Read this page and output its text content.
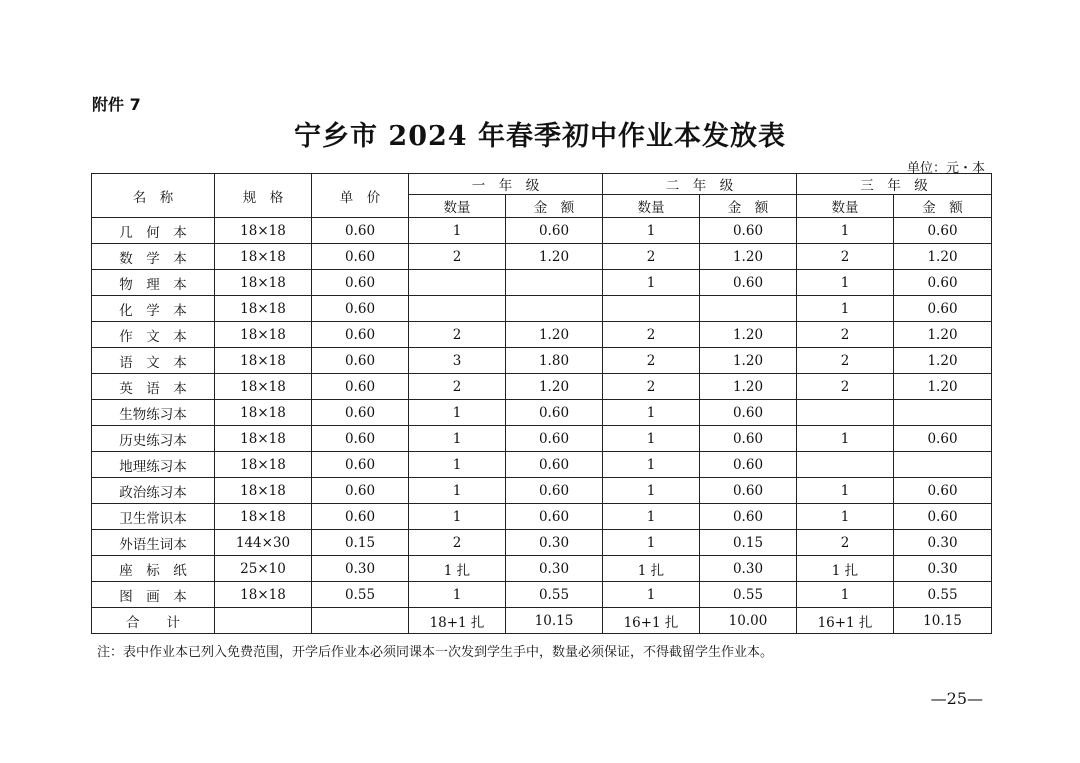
附件 7
宁乡市 2024 年春季初中作业本发放表
单位：元・本
名　称	规　格	单　价	一　年　级		二　年　级		三　年　级	
			数量	金　额	数量	金　额	数量	金　额
几　何　本	18×18	0.60	1	0.60	1	0.60	1	0.60
数　学　本	18×18	0.60	2	1.20	2	1.20	2	1.20
物　理　本	18×18	0.60			1	0.60	1	0.60
化　学　本	18×18	0.60					1	0.60
作　文　本	18×18	0.60	2	1.20	2	1.20	2	1.20
语　文　本	18×18	0.60	3	1.80	2	1.20	2	1.20
英　语　本	18×18	0.60	2	1.20	2	1.20	2	1.20
生物练习本	18×18	0.60	1	0.60	1	0.60		
历史练习本	18×18	0.60	1	0.60	1	0.60	1	0.60
地理练习本	18×18	0.60	1	0.60	1	0.60		
政治练习本	18×18	0.60	1	0.60	1	0.60	1	0.60
卫生常识本	18×18	0.60	1	0.60	1	0.60	1	0.60
外语生词本	144×30	0.15	2	0.30	1	0.15	2	0.30
座　标　纸	25×10	0.30	1 扎	0.30	1 扎	0.30	1 扎	0.30
图　画　本	18×18	0.55	1	0.55	1	0.55	1	0.55
合　　计			18+1 扎	10.15	16+1 扎	10.00	16+1 扎	10.15
注：表中作业本已列入免费范围，开学后作业本必须同课本一次发到学生手中，数量必须保证，不得截留学生作业本。
—25—
